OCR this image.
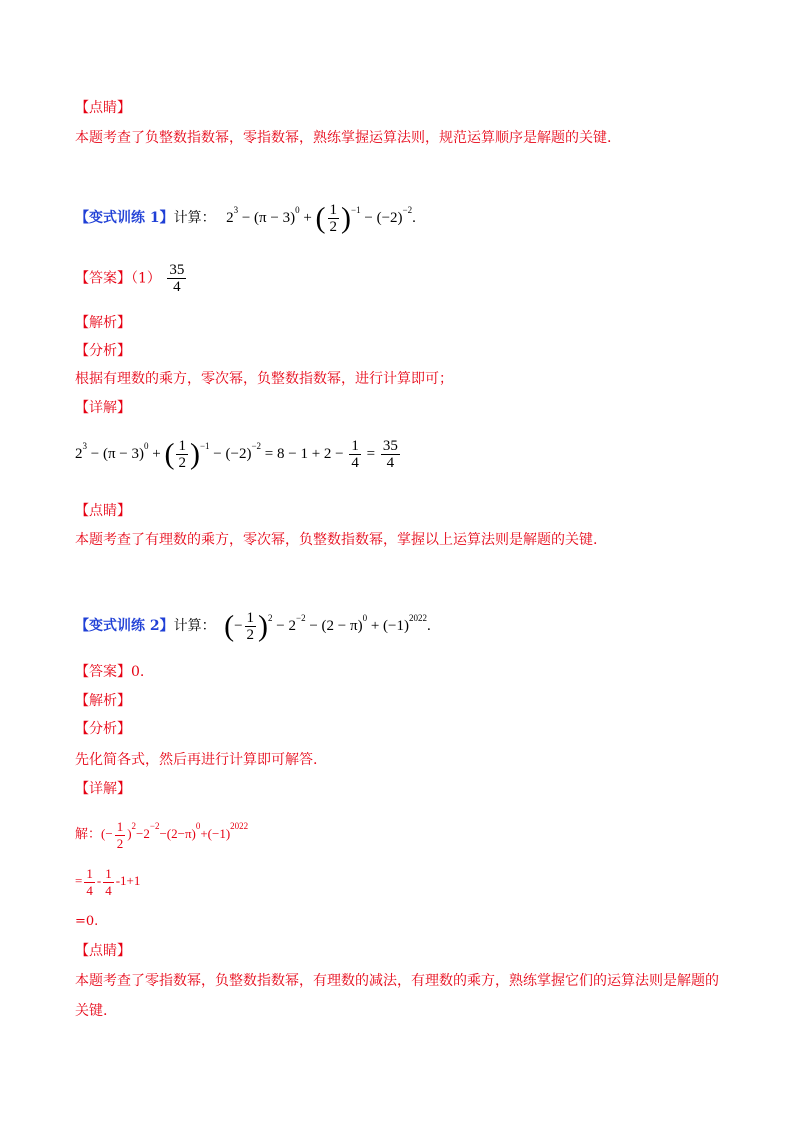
【点睛】
本题考查了负整数指数幂，零指数幂，熟练掌握运算法则，规范运算顺序是解题的关键.
【变式训练 1】计算： $2^3 - (\pi - 3)^0$ + ( $\frac{1}{2} )^{-1} - (-2)^{-2}$.
【答案】$(1) \frac{35}{4}$
【解析】
【分析】
根据有理数的乘方，零次幂，负整数指数幂，进行计算即可；
【详解】
$2^3 - (\pi - 3)^0$ + ( $\frac{1}{2} )^{-1} - (-2)^{-2} = 8 - 1 + 2 - \frac{1}{4} = \frac{35}{4}$
【点睛】
本题考查了有理数的乘方，零次幂，负整数指数幂，掌握以上运算法则是解题的关键.
【变式训练 2】计算： (− $\frac{1}{2} )^2 - 2^{-2} - (2 - \pi)^0 + (-1)^{2022}$.
【答案】0.
【解析】
【分析】
先化简各式，然后再进行计算即可解答.
【详解】
解：(− $\frac{1}{2} )^2-2^{-2}-(2-\pi)^0+(-1)^{2022}$
= $\frac{1}{4} - \frac{1}{4} -1+1$
=0.
【点睛】
本题考查了零指数幂，负整数指数幂，有理数的减法，有理数的乘方，熟练掌握它们的运算法则是解题的
关键.
